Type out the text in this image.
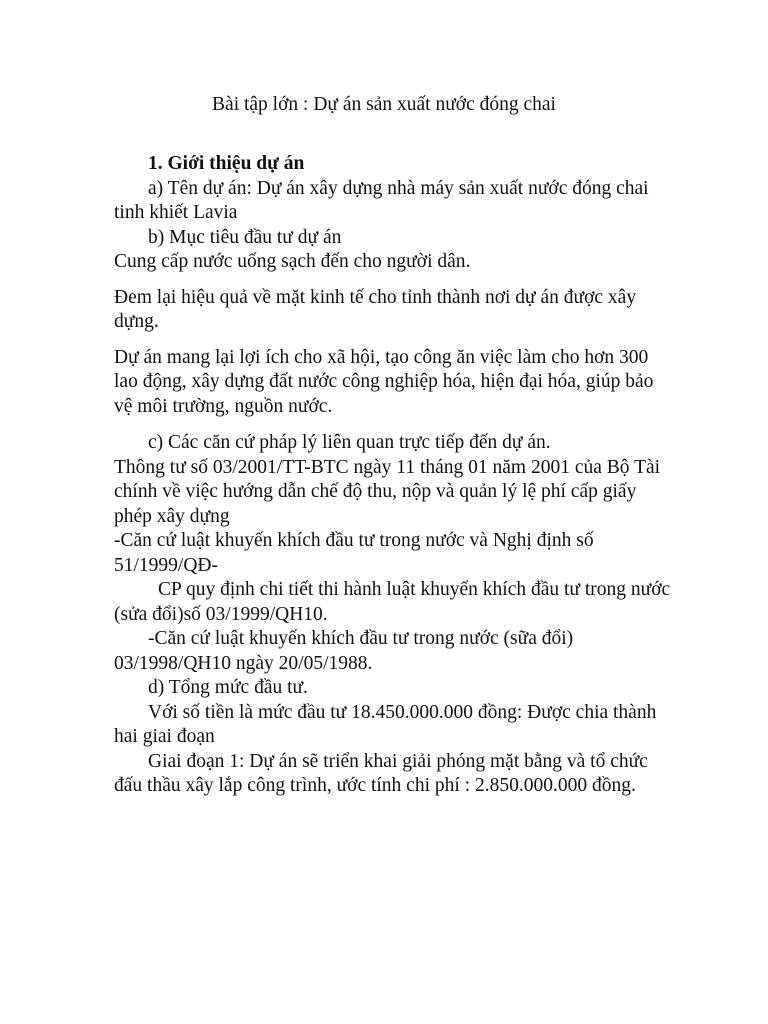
Bài tập lớn : Dự án sản xuất nước đóng chai

1. Giới thiệu dự án

a) Tên dự án: Dự án xây dựng nhà máy sản xuất nước đóng chai tinh khiết Lavia

b) Mục tiêu đầu tư dự án

Cung cấp nước uống sạch đến cho người dân.

Đem lại hiệu quả về mặt kinh tế cho tỉnh thành nơi dự án được xây dựng.

Dự án mang lại lợi ích cho xã hội, tạo công ăn việc làm cho hơn 300 lao động, xây dựng đất nước công nghiệp hóa, hiện đại hóa, giúp bảo vệ môi trường, nguồn nước.

c) Các căn cứ pháp lý liên quan trực tiếp đến dự án.

Thông tư số 03/2001/TT-BTC ngày 11 tháng 01 năm 2001 của Bộ Tài chính về việc hướng dẫn chế độ thu, nộp và quản lý lệ phí cấp giấy phép xây dựng

-Căn cứ luật khuyến khích đầu tư trong nước và Nghị định số 51/1999/QĐ-

CP quy định chi tiết thi hành luật khuyến khích đầu tư trong nước (sửa đổi)số 03/1999/QH10.

-Căn cứ luật khuyến khích đầu tư trong nước (sữa đổi) 03/1998/QH10 ngày 20/05/1988.

d) Tổng mức đầu tư.

Với số tiền là mức đầu tư 18.450.000.000 đồng: Được chia thành hai giai đoạn

Giai đoạn 1: Dự án sẽ triển khai giải phóng mặt bằng và tổ chức đấu thầu xây lắp công trình, ước tính chi phí : 2.850.000.000 đồng.
